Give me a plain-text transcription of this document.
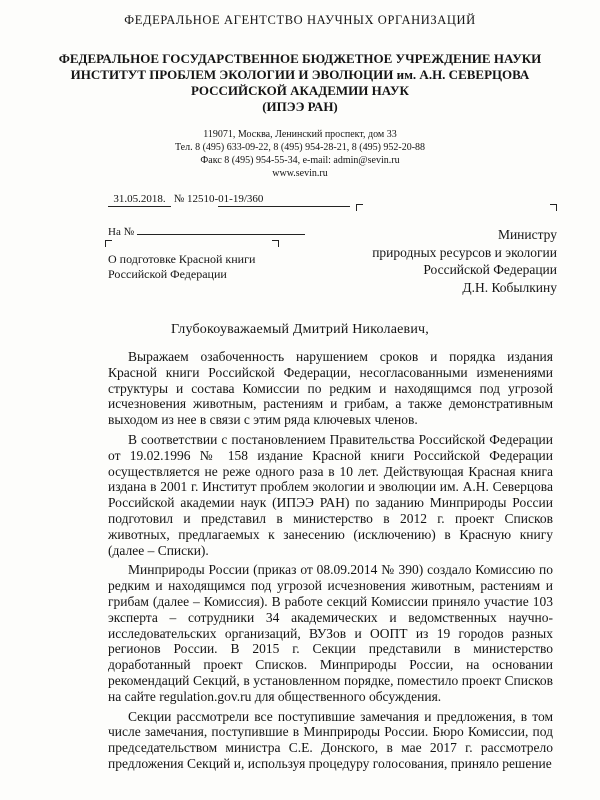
ФЕДЕРАЛЬНОЕ АГЕНТСТВО НАУЧНЫХ ОРГАНИЗАЦИЙ
ФЕДЕРАЛЬНОЕ ГОСУДАРСТВЕННОЕ БЮДЖЕТНОЕ УЧРЕЖДЕНИЕ НАУКИ
ИНСТИТУТ ПРОБЛЕМ ЭКОЛОГИИ И ЭВОЛЮЦИИ им. А.Н. СЕВЕРЦОВА
РОССИЙСКОЙ АКАДЕМИИ НАУК
(ИПЭЭ РАН)
119071, Москва, Ленинский проспект, дом 33
Тел. 8 (495) 633-09-22, 8 (495) 954-28-21, 8 (495) 952-20-88
Факс 8 (495) 954-55-34, e-mail: admin@sevin.ru
www.sevin.ru
31.05.2018. № 12510-01-19/360
На №
О подготовке Красной книги
Российской Федерации
Министру
природных ресурсов и экологии
Российской Федерации
Д.Н. Кобылкину
Глубокоуважаемый Дмитрий Николаевич,

Выражаем озабоченность нарушением сроков и порядка издания Красной книги Российской Федерации, несогласованными изменениями структуры и состава Комиссии по редким и находящимся под угрозой исчезновения животным, растениям и грибам, а также демонстративным выходом из нее в связи с этим ряда ключевых членов.

В соответствии с постановлением Правительства Российской Федерации от 19.02.1996 № 158 издание Красной книги Российской Федерации осуществляется не реже одного раза в 10 лет. Действующая Красная книга издана в 2001 г. Институт проблем экологии и эволюции им. А.Н. Северцова Российской академии наук (ИПЭЭ РАН) по заданию Минприроды России подготовил и представил в министерство в 2012 г. проект Списков животных, предлагаемых к занесению (исключению) в Красную книгу (далее – Списки).

Минприроды России (приказ от 08.09.2014 № 390) создало Комиссию по редким и находящимся под угрозой исчезновения животным, растениям и грибам (далее – Комиссия). В работе секций Комиссии приняло участие 103 эксперта – сотрудники 34 академических и ведомственных научно-исследовательских организаций, ВУЗов и ООПТ из 19 городов разных регионов России. В 2015 г. Секции представили в министерство доработанный проект Списков. Минприроды России, на основании рекомендаций Секций, в установленном порядке, поместило проект Списков на сайте regulation.gov.ru для общественного обсуждения.

Секции рассмотрели все поступившие замечания и предложения, в том числе замечания, поступившие в Минприроды России. Бюро Комиссии, под председательством министра С.Е. Донского, в мае 2017 г. рассмотрело предложения Секций и, используя процедуру голосования, приняло решение
